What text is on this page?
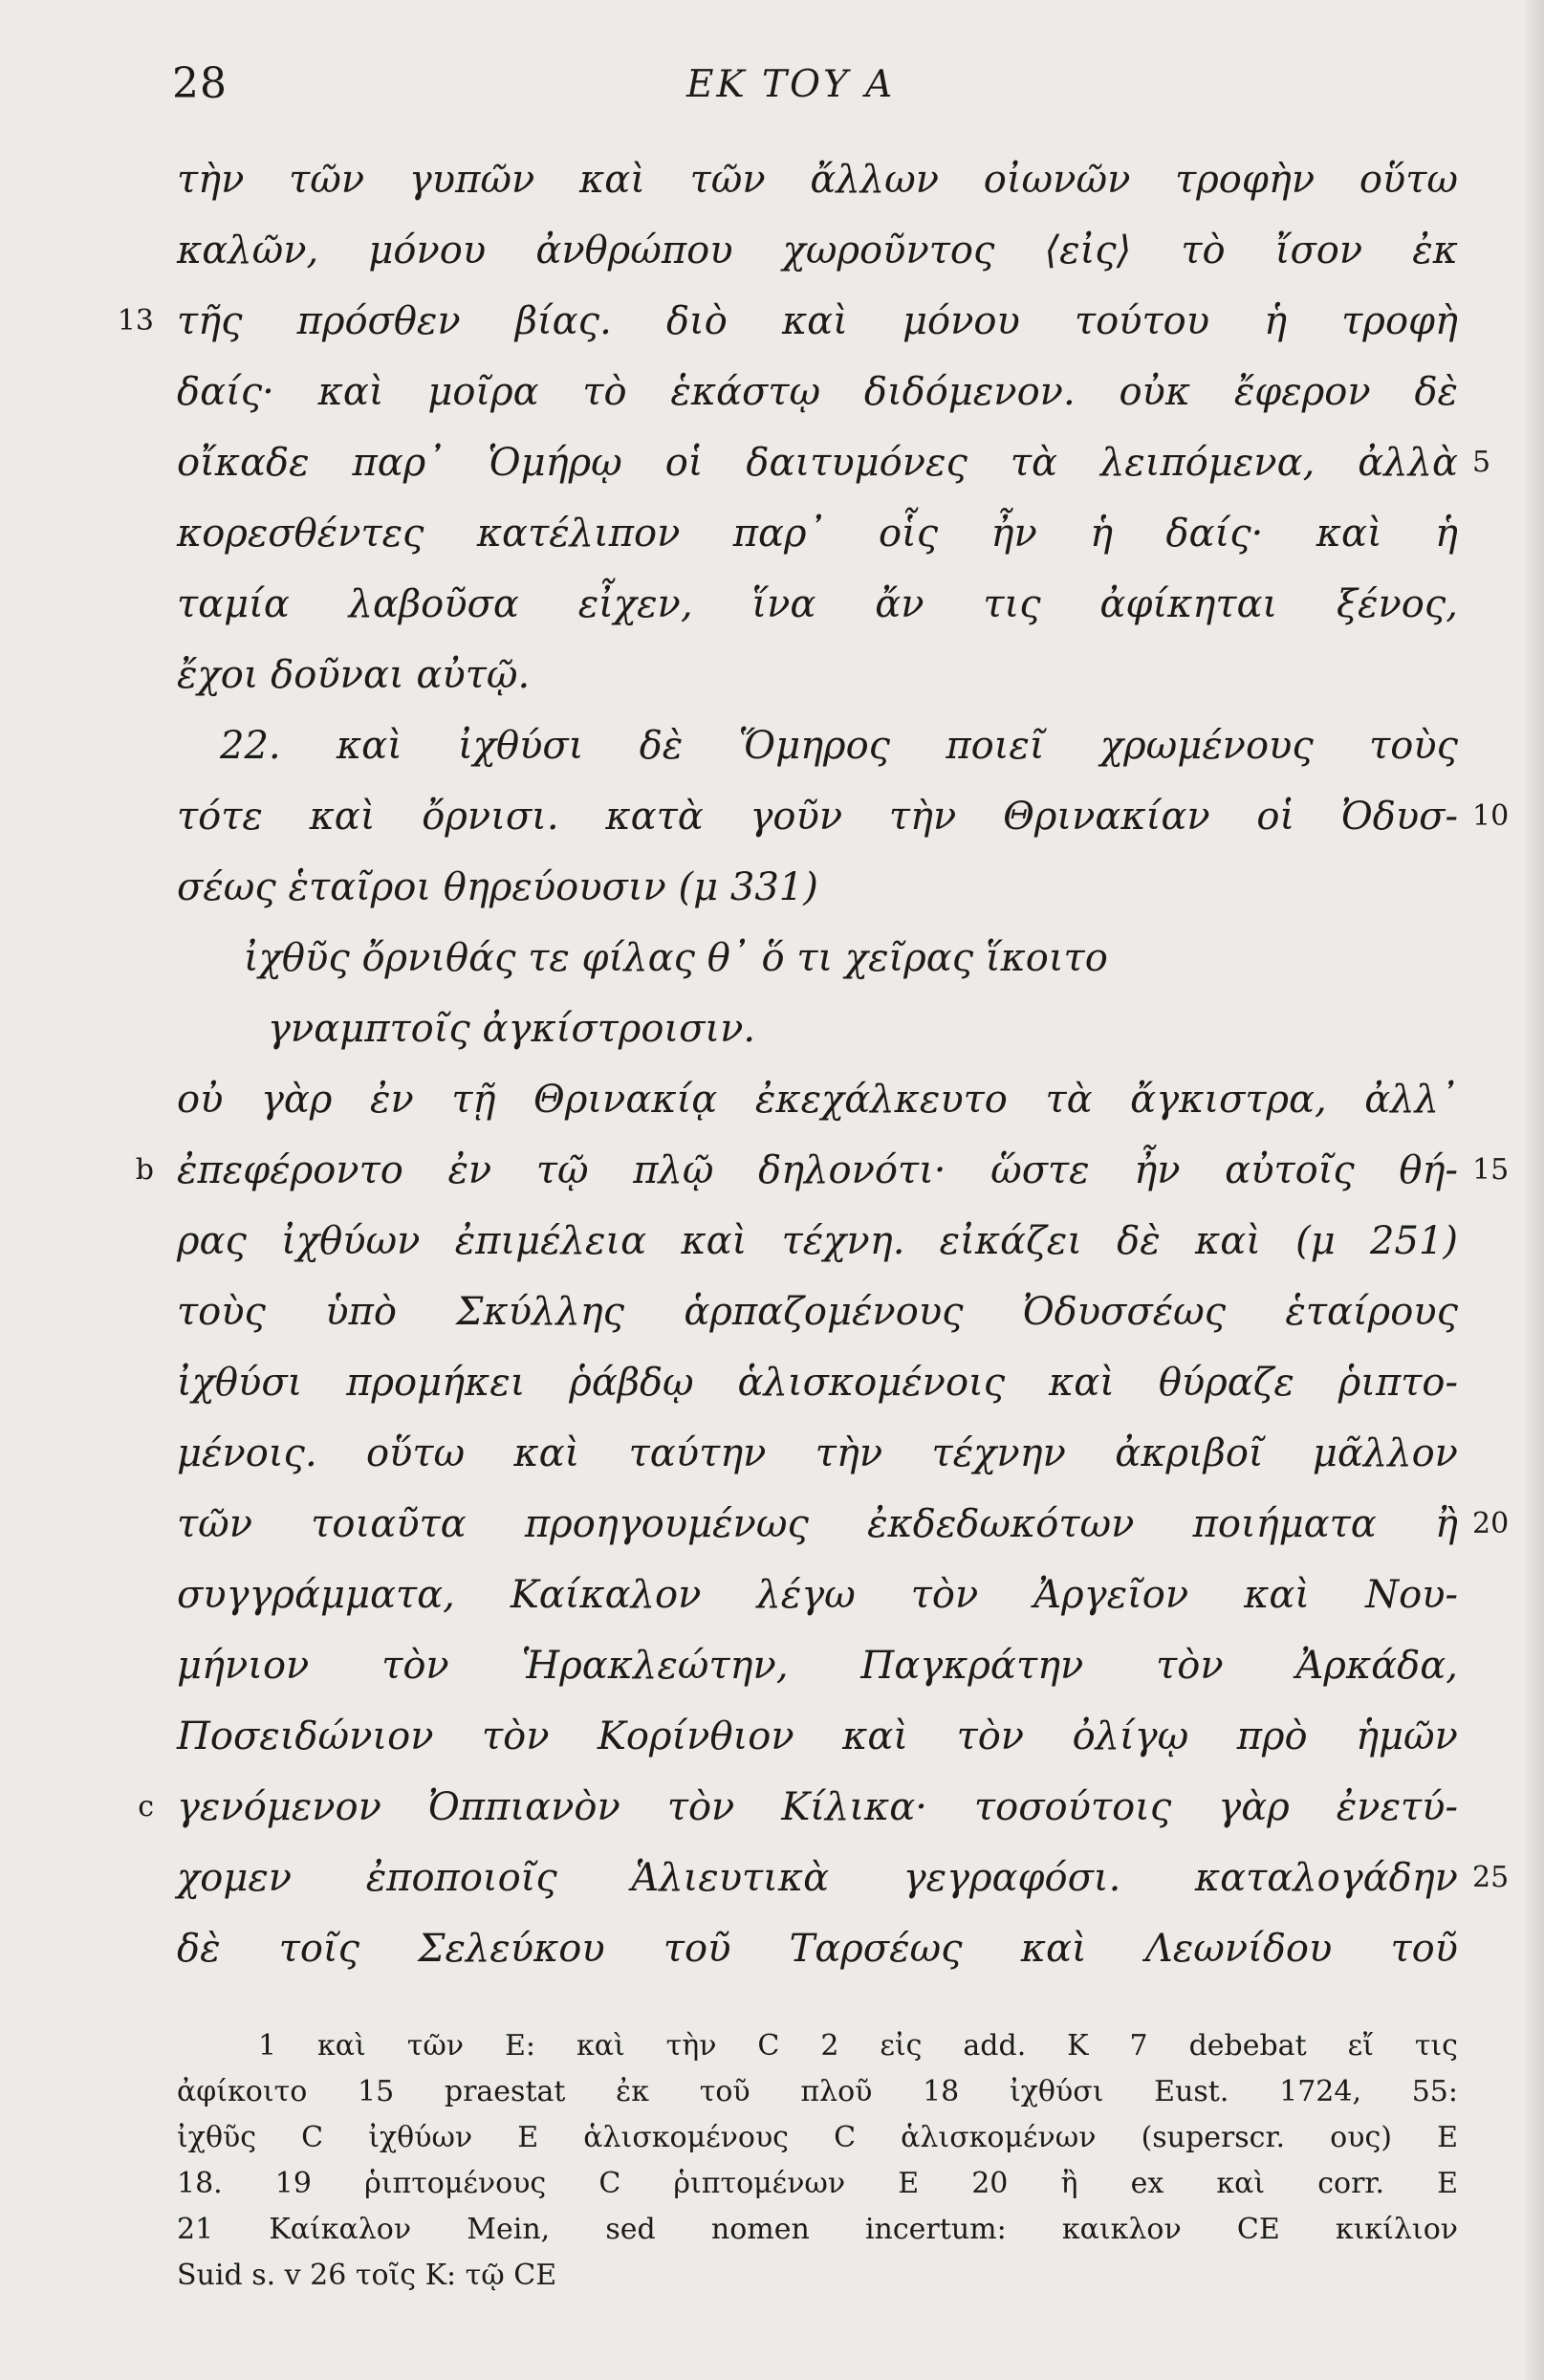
28	ΕΚ ΤΟΥ Α
τὴν τῶν γυπῶν καὶ τῶν ἄλλων οἰωνῶν τροφὴν οὕτω
καλῶν, μόνου ἀνθρώπου χωροῦντος ⟨εἰς⟩ τὸ ἴσον ἐκ
13 τῆς πρόσθεν βίας. διὸ καὶ μόνου τούτου ἡ τροφὴ
δαίς· καὶ μοῖρα τὸ ἑκάστῳ διδόμενον. οὐκ ἔφερον δὲ
οἴκαδε παρ᾽ Ὁμήρῳ οἱ δαιτυμόνες τὰ λειπόμενα, ἀλλὰ 5
κορεσθέντες κατέλιπον παρ᾽ οἷς ἦν ἡ δαίς· καὶ ἡ
ταμία λαβοῦσα εἶχεν, ἵνα ἄν τις ἀφίκηται ξένος,
ἔχοι δοῦναι αὐτῷ.
22. καὶ ἰχθύσι δὲ Ὅμηρος ποιεῖ χρωμένους τοὺς
τότε καὶ ὄρνισι. κατὰ γοῦν τὴν Θρινακίαν οἱ Ὀδυσ- 10
σέως ἑταῖροι θηρεύουσιν (μ 331)
ἰχθῦς ὄρνιθάς τε φίλας θ᾽ ὅ τι χεῖρας ἵκοιτο
γναμπτοῖς ἀγκίστροισιν.
οὐ γὰρ ἐν τῇ Θρινακίᾳ ἐκεχάλκευτο τὰ ἄγκιστρα, ἀλλ᾽
b ἐπεφέροντο ἐν τῷ πλῷ δηλονότι· ὥστε ἦν αὐτοῖς θή- 15
ρας ἰχθύων ἐπιμέλεια καὶ τέχνη. εἰκάζει δὲ καὶ (μ 251)
τοὺς ὑπὸ Σκύλλης ἁρπαζομένους Ὀδυσσέως ἑταίρους
ἰχθύσι προμήκει ῥάβδῳ ἁλισκομένοις καὶ θύραζε ῥιπτο-
μένοις. οὕτω καὶ ταύτην τὴν τέχνην ἀκριβοῖ μᾶλλον
τῶν τοιαῦτα προηγουμένως ἐκδεδωκότων ποιήματα ἢ 20
συγγράμματα, Καίκαλον λέγω τὸν Ἀργεῖον καὶ Νου-
μήνιον τὸν Ἡρακλεώτην, Παγκράτην τὸν Ἀρκάδα,
Ποσειδώνιον τὸν Κορίνθιον καὶ τὸν ὀλίγῳ πρὸ ἡμῶν
c γενόμενον Ὀππιανὸν τὸν Κίλικα· τοσούτοις γὰρ ἐνετύ-
χομεν ἐποποιοῖς Ἁλιευτικὰ γεγραφόσι. καταλογάδην 25
δὲ τοῖς Σελεύκου τοῦ Ταρσέως καὶ Λεωνίδου τοῦ
1 καὶ τῶν E: καὶ τὴν C 2 εἰς add. K 7 debebat εἴ τις
ἀφίκοιτο 15 praestat ἐκ τοῦ πλοῦ 18 ἰχθύσι Eust. 1724, 55:
ἰχθῦς C ἰχθύων E ἁλισκομένους C ἁλισκομένων (superscr. ους) E
18. 19 ῥιπτομένους C ῥιπτομένων E 20 ἢ ex καὶ corr. E
21 Καίκαλον Mein, sed nomen incertum: καικλον CE κικίλιον
Suid s. v 26 τοῖς K: τῷ CE
